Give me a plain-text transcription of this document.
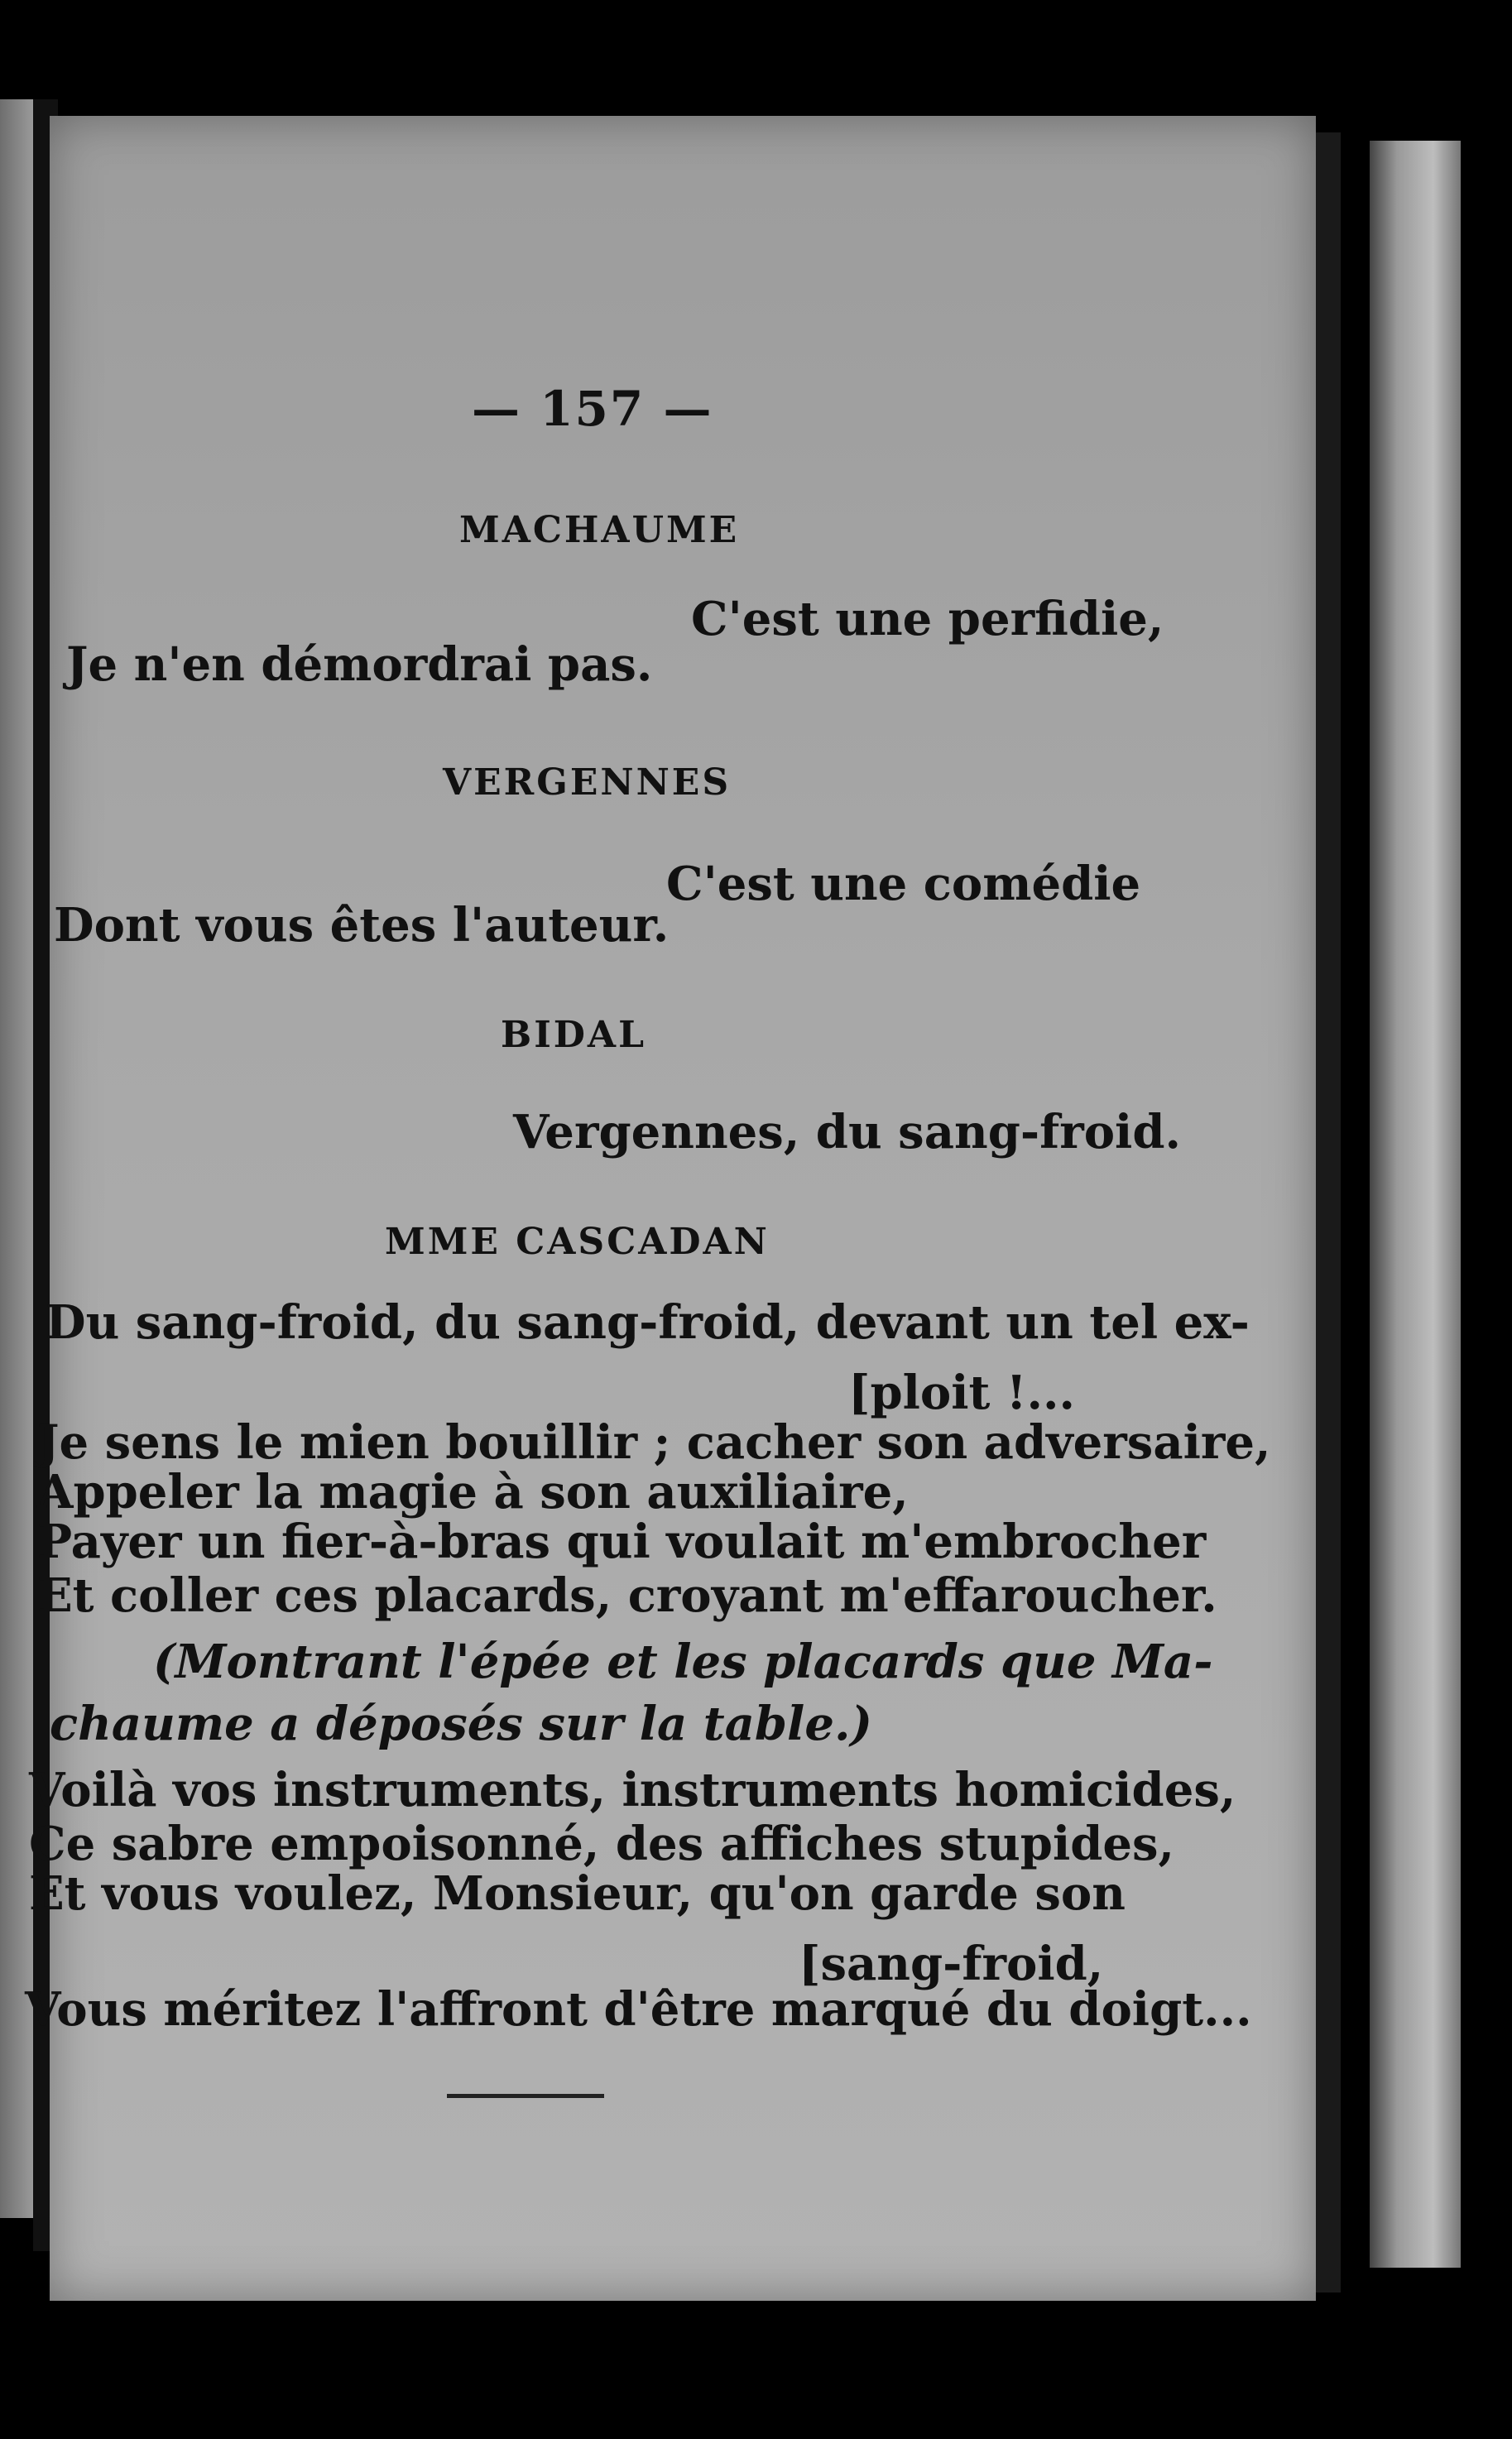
— 157 —
MACHAUME
C'est une perfidie,
Je n'en démordrai pas.
VERGENNES
C'est une comédie
Dont vous êtes l'auteur.
BIDAL
Vergennes, du sang-froid.
MME CASCADAN
Du sang-froid, du sang-froid, devant un tel ex-
[ploit !...
Je sens le mien bouillir ; cacher son adversaire,
Appeler la magie à son auxiliaire,
Payer un fier-à-bras qui voulait m'embrocher
Et coller ces placards, croyant m'effaroucher.
(Montrant l'épée et les placards que Ma-
chaume a déposés sur la table.)
Voilà vos instruments, instruments homicides,
Ce sabre empoisonné, des affiches stupides,
Et vous voulez, Monsieur, qu'on garde son
[sang-froid,
Vous méritez l'affront d'être marqué du doigt...
